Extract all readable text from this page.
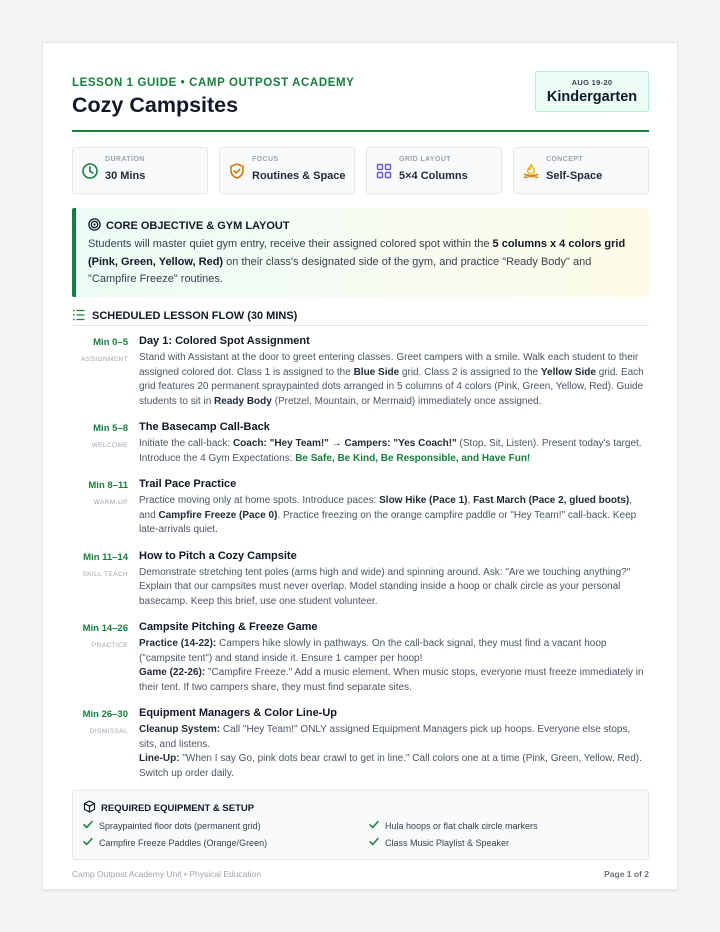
LESSON 1 GUIDE • CAMP OUTPOST ACADEMY
Cozy Campsites
AUG 19-20
Kindergarten
DURATION
30 Mins
FOCUS
Routines & Space
GRID LAYOUT
5×4 Columns
CONCEPT
Self-Space
CORE OBJECTIVE & GYM LAYOUT
Students will master quiet gym entry, receive their assigned colored spot within the 5 columns x 4 colors grid (Pink, Green, Yellow, Red) on their class's designated side of the gym, and practice "Ready Body" and "Campfire Freeze" routines.
SCHEDULED LESSON FLOW (30 MINS)
Min 0–5
ASSIGNMENT
Day 1: Colored Spot Assignment
Stand with Assistant at the door to greet entering classes. Greet campers with a smile. Walk each student to their assigned colored dot. Class 1 is assigned to the Blue Side grid. Class 2 is assigned to the Yellow Side grid. Each grid features 20 permanent spraypainted dots arranged in 5 columns of 4 colors (Pink, Green, Yellow, Red). Guide students to sit in Ready Body (Pretzel, Mountain, or Mermaid) immediately once assigned.
Min 5–8
WELCOME
The Basecamp Call-Back
Initiate the call-back: Coach: "Hey Team!" → Campers: "Yes Coach!" (Stop, Sit, Listen). Present today's target. Introduce the 4 Gym Expectations: Be Safe, Be Kind, Be Responsible, and Have Fun!
Min 8–11
WARM-UP
Trail Pace Practice
Practice moving only at home spots. Introduce paces: Slow Hike (Pace 1), Fast March (Pace 2, glued boots), and Campfire Freeze (Pace 0). Practice freezing on the orange campfire paddle or "Hey Team!" call-back. Keep late-arrivals quiet.
Min 11–14
SKILL TEACH
How to Pitch a Cozy Campsite
Demonstrate stretching tent poles (arms high and wide) and spinning around. Ask: "Are we touching anything?" Explain that our campsites must never overlap. Model standing inside a hoop or chalk circle as your personal basecamp. Keep this brief, use one student volunteer.
Min 14–26
PRACTICE
Campsite Pitching & Freeze Game
Practice (14-22): Campers hike slowly in pathways. On the call-back signal, they must find a vacant hoop ("campsite tent") and stand inside it. Ensure 1 camper per hoop!
Game (22-26): "Campfire Freeze." Add a music element. When music stops, everyone must freeze immediately in their tent. If two campers share, they must find separate sites.
Min 26–30
DISMISSAL
Equipment Managers & Color Line-Up
Cleanup System: Call "Hey Team!" ONLY assigned Equipment Managers pick up hoops. Everyone else stops, sits, and listens.
Line-Up: "When I say Go, pink dots bear crawl to get in line." Call colors one at a time (Pink, Green, Yellow, Red). Switch up order daily.
REQUIRED EQUIPMENT & SETUP
Spraypainted floor dots (permanent grid)	Hula hoops or flat chalk circle markers
Campfire Freeze Paddles (Orange/Green)	Class Music Playlist & Speaker
Camp Outpost Academy Unit • Physical Education	Page 1 of 2
